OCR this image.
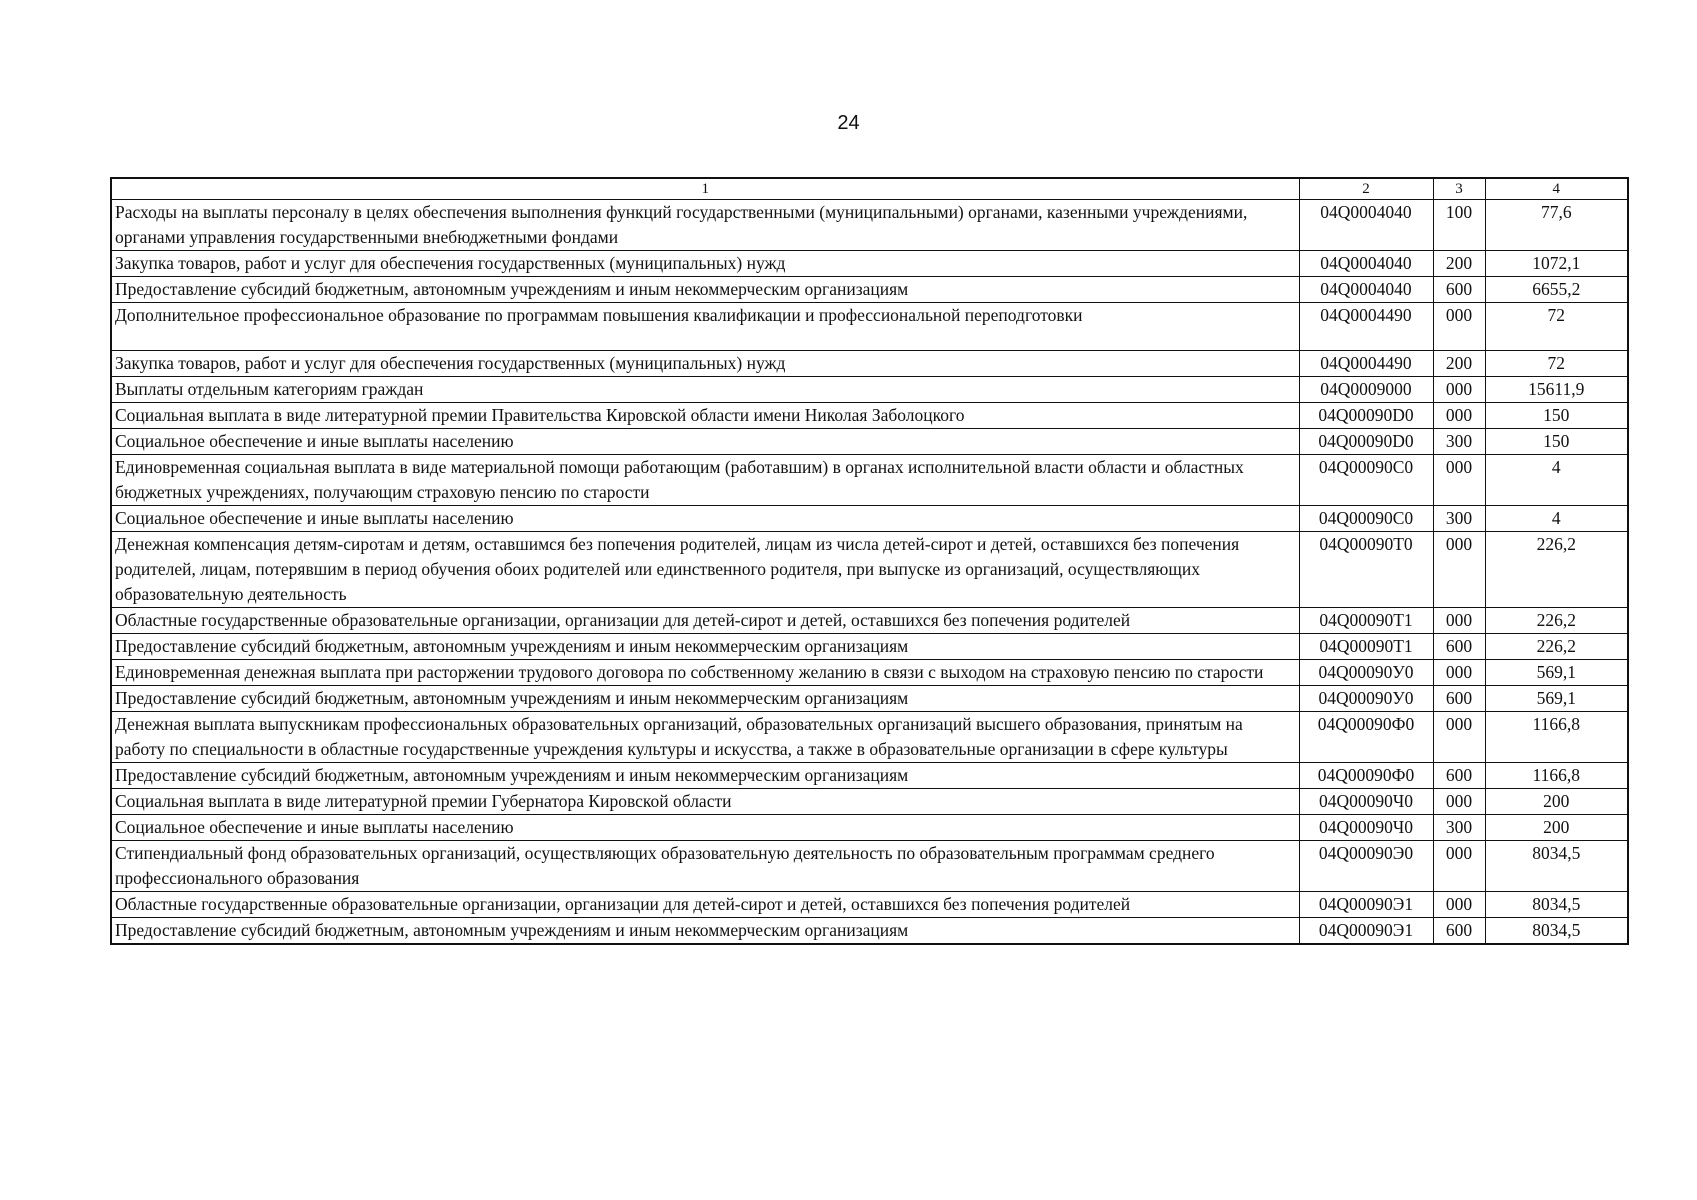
24
1	2	3	4
Расходы на выплаты персоналу в целях обеспечения выполнения функций государственными (муниципальными) органами, казенными учреждениями, органами управления государственными внебюджетными фондами	04Q0004040	100	77,6
Закупка товаров, работ и услуг для обеспечения государственных (муниципальных) нужд	04Q0004040	200	1072,1
Предоставление субсидий бюджетным, автономным учреждениям и иным некоммерческим организациям	04Q0004040	600	6655,2
Дополнительное профессиональное образование по программам повышения квалификации и профессиональной переподготовки	04Q0004490	000	72
Закупка товаров, работ и услуг для обеспечения государственных (муниципальных) нужд	04Q0004490	200	72
Выплаты отдельным категориям граждан	04Q0009000	000	15611,9
Социальная выплата в виде литературной премии Правительства Кировской области имени Николая Заболоцкого	04Q00090D0	000	150
Социальное обеспечение и иные выплаты населению	04Q00090D0	300	150
Единовременная социальная выплата в виде материальной помощи работающим (работавшим) в органах исполнительной власти области и областных бюджетных учреждениях, получающим страховую пенсию по старости	04Q00090C0	000	4
Социальное обеспечение и иные выплаты населению	04Q00090C0	300	4
Денежная компенсация детям-сиротам и детям, оставшимся без попечения родителей, лицам из числа детей-сирот и детей, оставшихся без попечения родителей, лицам, потерявшим в период обучения обоих родителей или единственного родителя, при выпуске из организаций, осуществляющих образовательную деятельность	04Q00090T0	000	226,2
Областные государственные образовательные организации, организации для детей-сирот и детей, оставшихся без попечения родителей	04Q00090T1	000	226,2
Предоставление субсидий бюджетным, автономным учреждениям и иным некоммерческим организациям	04Q00090T1	600	226,2
Единовременная денежная выплата при расторжении трудового договора по собственному желанию в связи с выходом на страховую пенсию по старости	04Q00090У0	000	569,1
Предоставление субсидий бюджетным, автономным учреждениям и иным некоммерческим организациям	04Q00090У0	600	569,1
Денежная выплата выпускникам профессиональных образовательных организаций, образовательных организаций высшего образования, принятым на работу по специальности в областные государственные учреждения культуры и искусства, а также в образовательные организации в сфере культуры	04Q00090Ф0	000	1166,8
Предоставление субсидий бюджетным, автономным учреждениям и иным некоммерческим организациям	04Q00090Ф0	600	1166,8
Социальная выплата в виде литературной премии Губернатора Кировской области	04Q00090Ч0	000	200
Социальное обеспечение и иные выплаты населению	04Q00090Ч0	300	200
Стипендиальный фонд образовательных организаций, осуществляющих образовательную деятельность по образовательным программам среднего профессионального образования	04Q00090Э0	000	8034,5
Областные государственные образовательные организации, организации для детей-сирот и детей, оставшихся без попечения родителей	04Q00090Э1	000	8034,5
Предоставление субсидий бюджетным, автономным учреждениям и иным некоммерческим организациям	04Q00090Э1	600	8034,5
